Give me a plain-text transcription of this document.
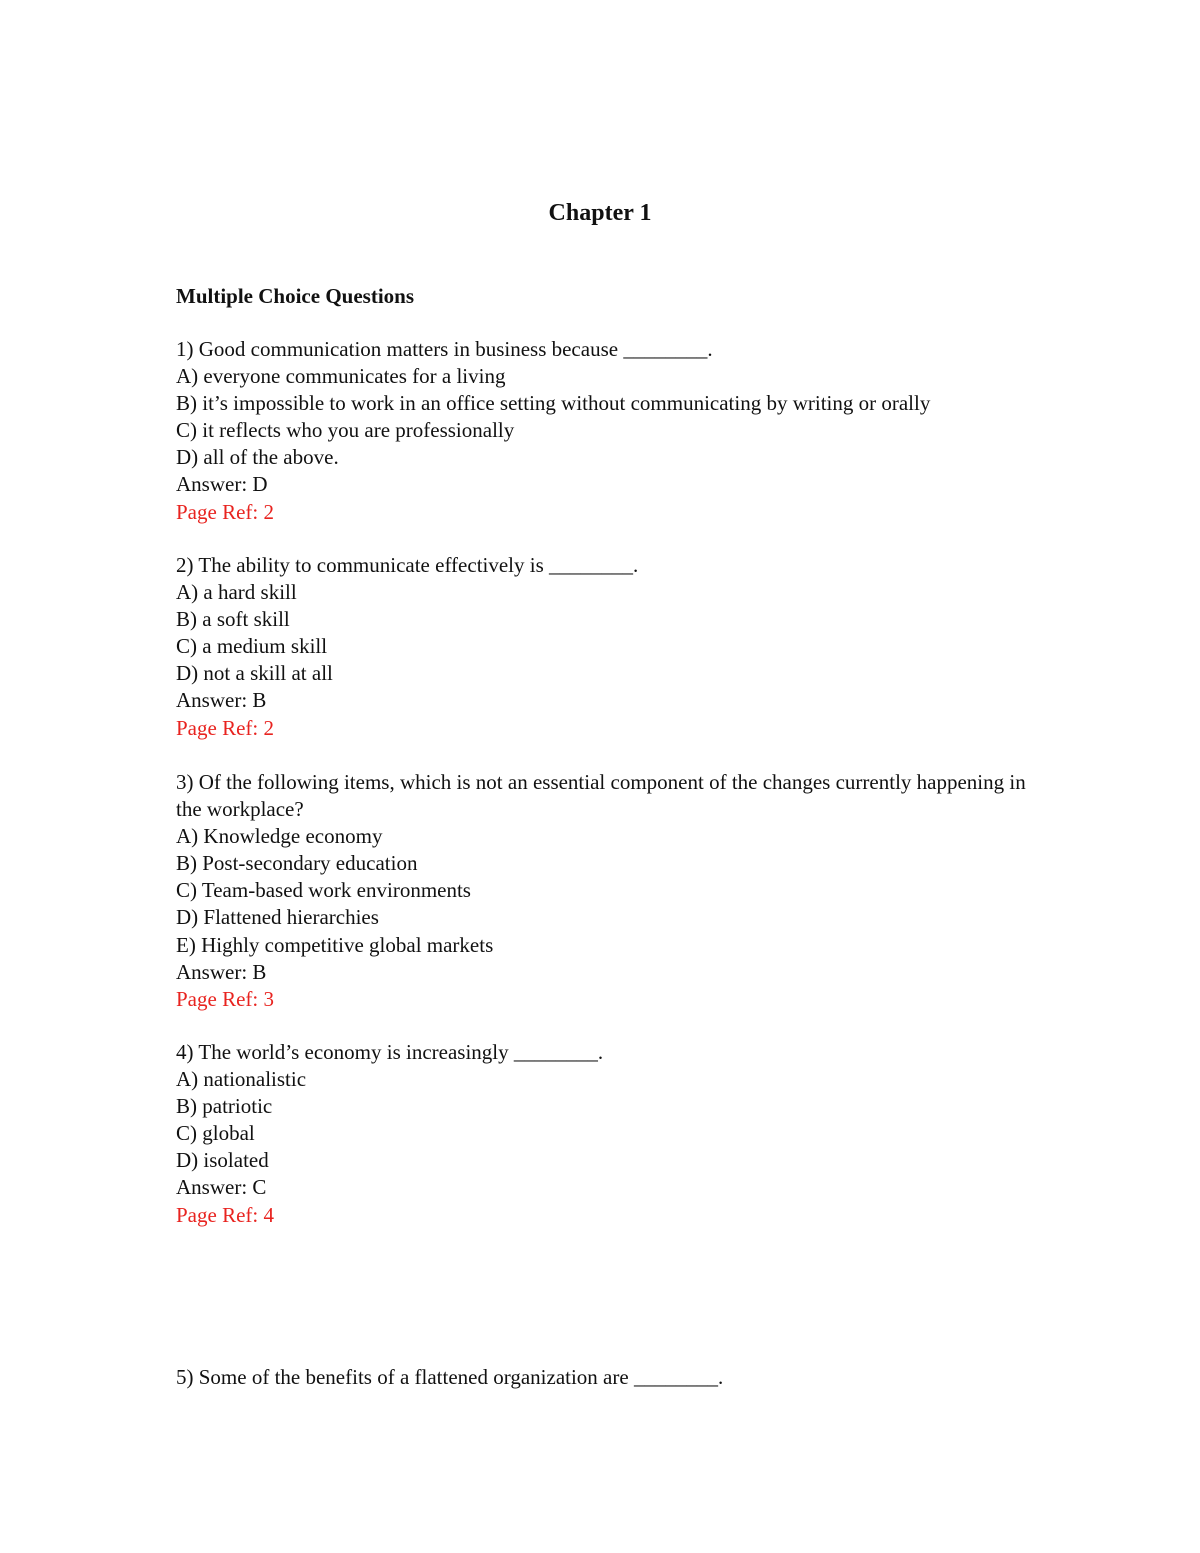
Chapter 1
Multiple Choice Questions
1) Good communication matters in business because ________.
A) everyone communicates for a living
B) it’s impossible to work in an office setting without communicating by writing or orally
C) it reflects who you are professionally
D) all of the above.
Answer: D
Page Ref: 2
2) The ability to communicate effectively is ________.
A) a hard skill
B) a soft skill
C) a medium skill
D) not a skill at all
Answer: B
Page Ref: 2
3) Of the following items, which is not an essential component of the changes currently happening in the workplace?
A) Knowledge economy
B) Post-secondary education
C) Team-based work environments
D) Flattened hierarchies
E) Highly competitive global markets
Answer: B
Page Ref: 3
4) The world’s economy is increasingly ________.
A) nationalistic
B) patriotic
C) global
D) isolated
Answer: C
Page Ref: 4
5) Some of the benefits of a flattened organization are ________.
